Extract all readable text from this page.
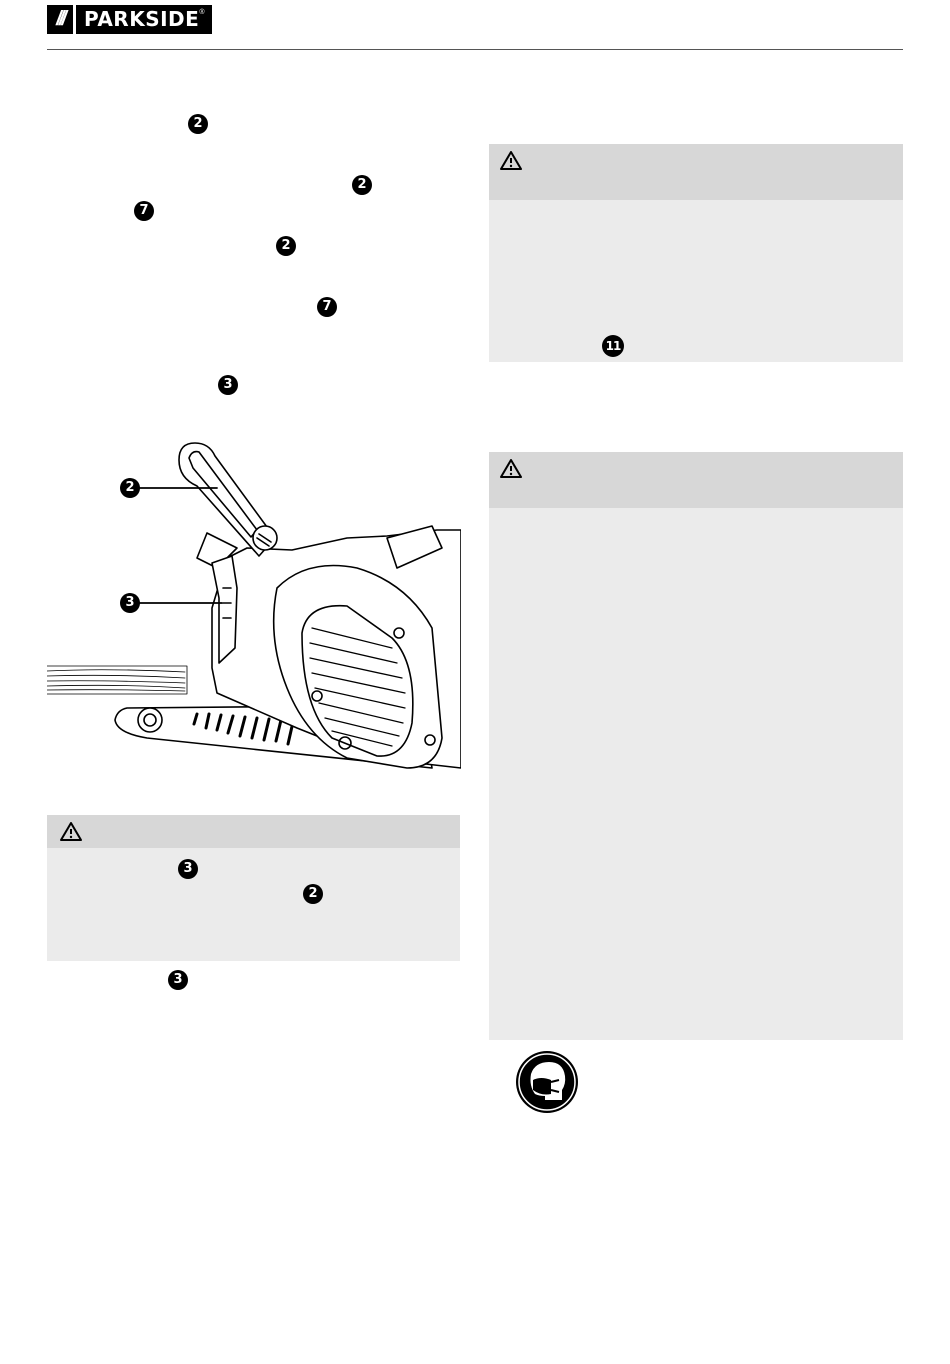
///	PARKSIDE ®
2
2
7
2
7
3
2
3
3
2
3
11
